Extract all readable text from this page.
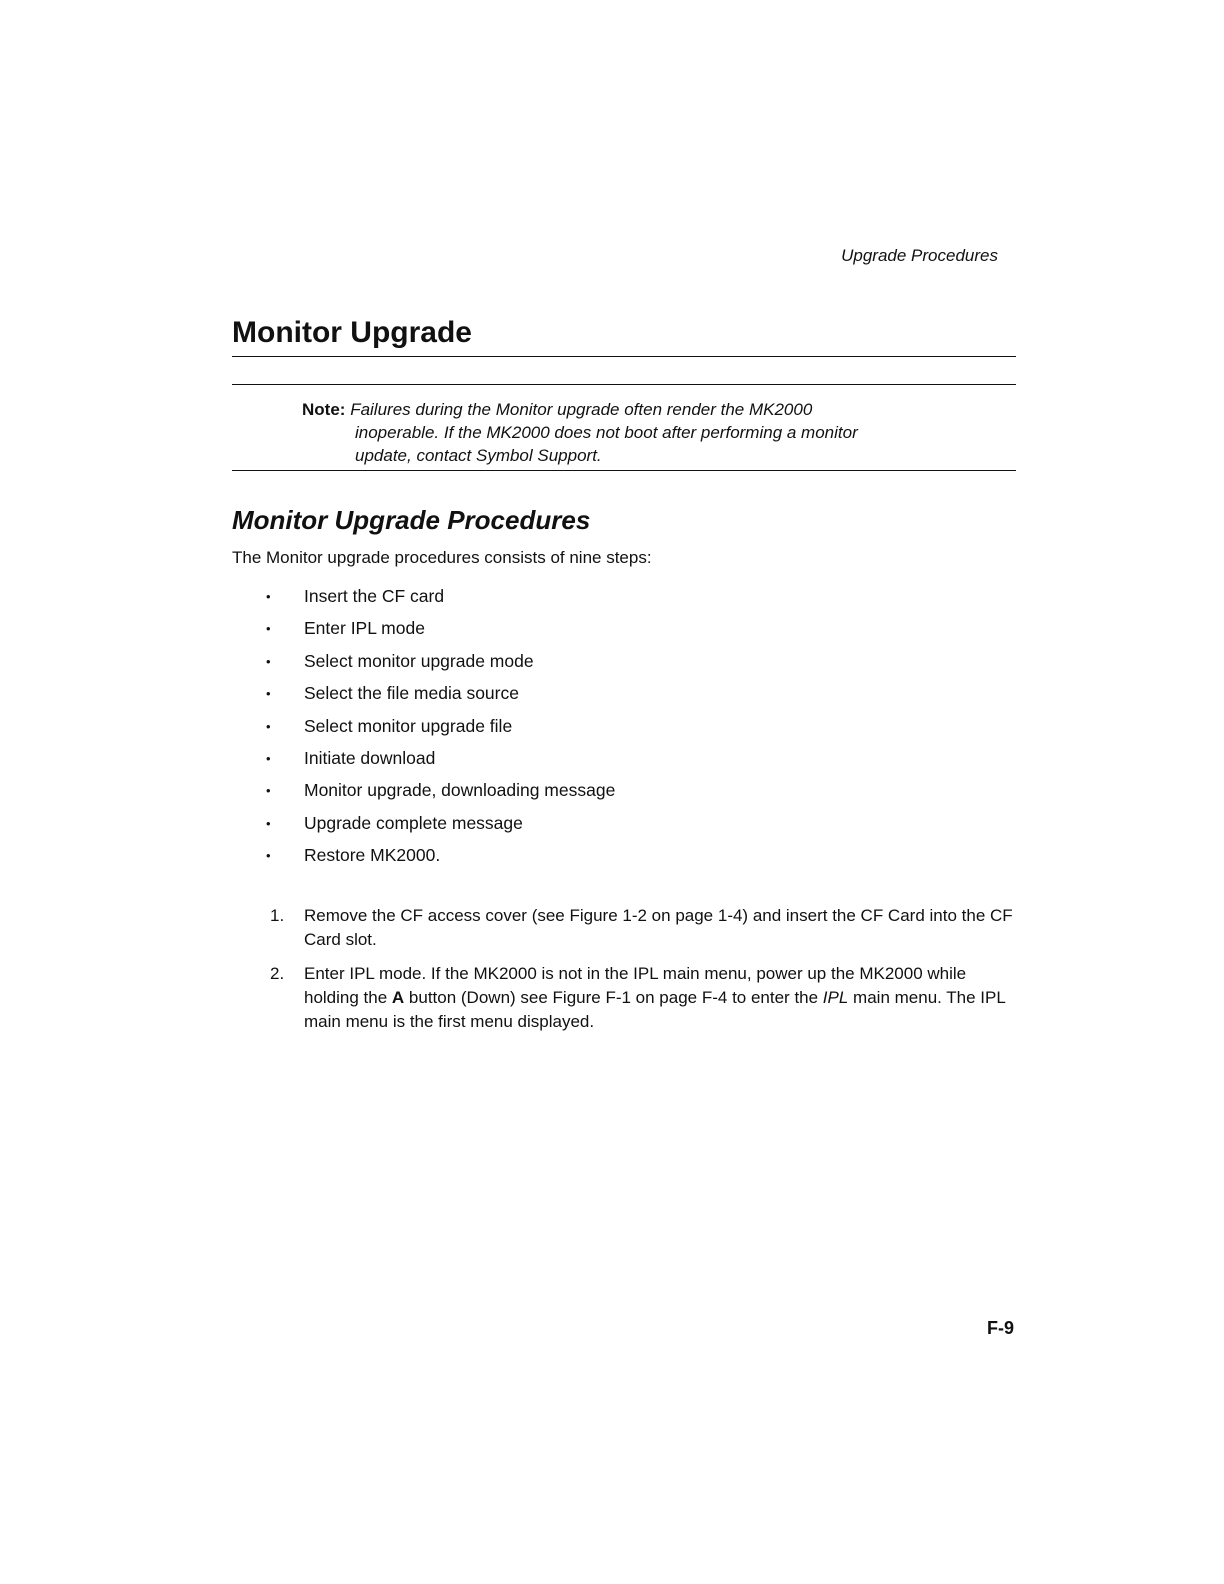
Upgrade Procedures
Monitor Upgrade
Note: Failures during the Monitor upgrade often render the MK2000
inoperable. If the MK2000 does not boot after performing a monitor
update, contact Symbol Support.
Monitor Upgrade Procedures
The Monitor upgrade procedures consists of nine steps:
• Insert the CF card
• Enter IPL mode
• Select monitor upgrade mode
• Select the file media source
• Select monitor upgrade file
• Initiate download
• Monitor upgrade, downloading message
• Upgrade complete message
• Restore MK2000.
1.	Remove the CF access cover (see Figure 1-2 on page 1-4) and insert the CF Card into the CF Card slot.
2.	Enter IPL mode. If the MK2000 is not in the IPL main menu, power up the MK2000 while holding the A button (Down) see Figure F-1 on page F-4 to enter the IPL main menu. The IPL main menu is the first menu displayed.
F-9
